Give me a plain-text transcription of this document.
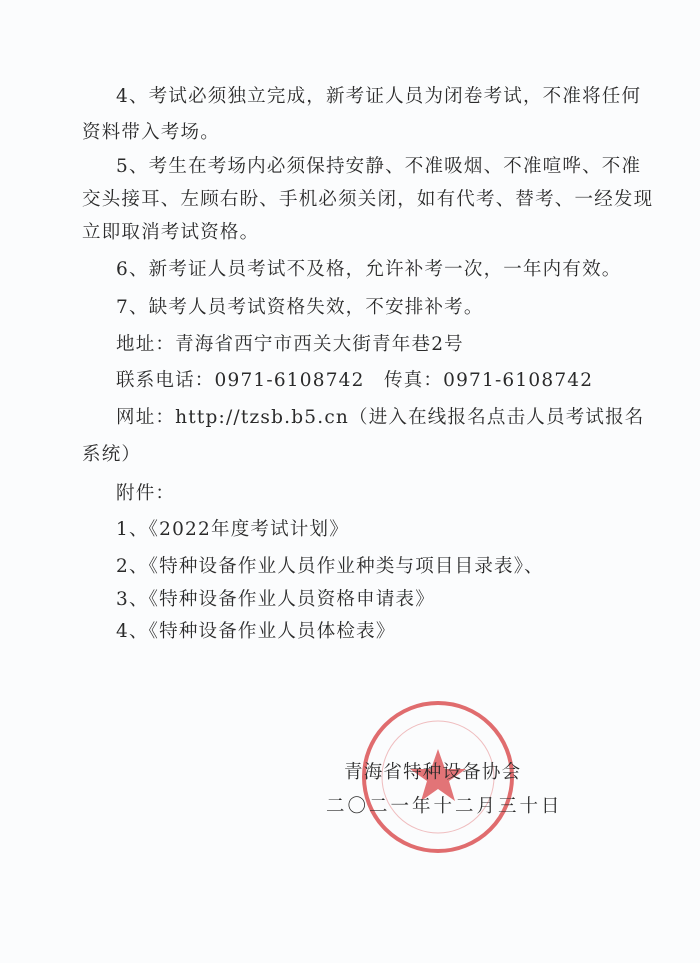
4、考试必须独立完成，新考证人员为闭卷考试，不准将任何
资料带入考场。
5、考生在考场内必须保持安静、不准吸烟、不准喧哗、不准
交头接耳、左顾右盼、手机必须关闭，如有代考、替考、一经发现
立即取消考试资格。
6、新考证人员考试不及格，允许补考一次，一年内有效。
7、缺考人员考试资格失效，不安排补考。
地址：青海省西宁市西关大街青年巷2号
联系电话：0971-6108742 传真：0971-6108742
网址：http://tzsb.b5.cn（进入在线报名点击人员考试报名
系统）
附件：
1、《2022年度考试计划》
2、《特种设备作业人员作业种类与项目目录表》、
3、《特种设备作业人员资格申请表》
4、《特种设备作业人员体检表》
青海省特种设备协会
二〇二一年十二月三十日
